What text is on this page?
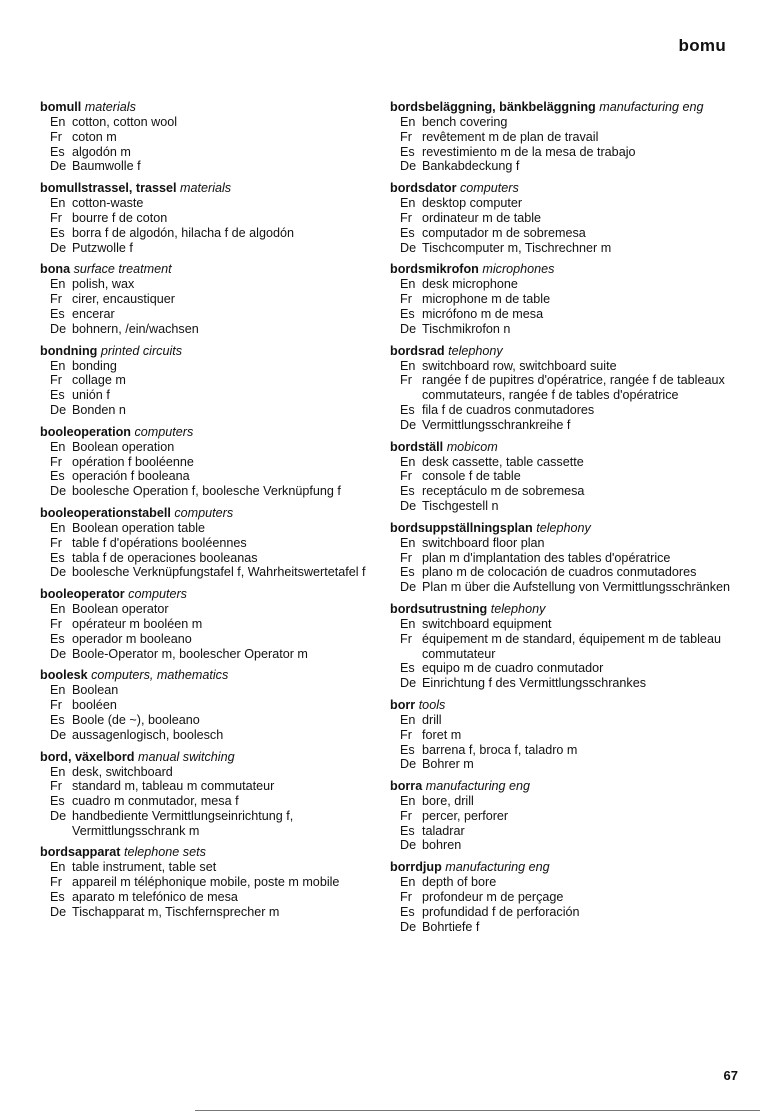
bomu
bomull materials
En cotton, cotton wool
Fr coton m
Es algodón m
De Baumwolle f
bomullstrassel, trassel materials
En cotton-waste
Fr bourre f de coton
Es borra f de algodón, hilacha f de algodón
De Putzwolle f
bona surface treatment
En polish, wax
Fr cirer, encaustiquer
Es encerar
De bohnern, /ein/wachsen
bondning printed circuits
En bonding
Fr collage m
Es unión f
De Bonden n
booleoperation computers
En Boolean operation
Fr opération f booléenne
Es operación f booleana
De boolesche Operation f, boolesche Verknüpfung f
booleoperationstabell computers
En Boolean operation table
Fr table f d'opérations booléennes
Es tabla f de operaciones booleanas
De boolesche Verknüpfungstafel f, Wahrheitswertetafel f
booleoperator computers
En Boolean operator
Fr opérateur m booléen m
Es operador m booleano
De Boole-Operator m, boolescher Operator m
boolesk computers, mathematics
En Boolean
Fr booléen
Es Boole (de ~), booleano
De aussagenlogisch, boolesch
bord, växelbord manual switching
En desk, switchboard
Fr standard m, tableau m commutateur
Es cuadro m conmutador, mesa f
De handbediente Vermittlungseinrichtung f, Vermittlungsschrank m
bordsapparat telephone sets
En table instrument, table set
Fr appareil m téléphonique mobile, poste m mobile
Es aparato m telefónico de mesa
De Tischapparat m, Tischfernsprecher m
bordsbeläggning, bänkbeläggning manufacturing eng
En bench covering
Fr revêtement m de plan de travail
Es revestimiento m de la mesa de trabajo
De Bankabdeckung f
bordsdator computers
En desktop computer
Fr ordinateur m de table
Es computador m de sobremesa
De Tischcomputer m, Tischrechner m
bordsmikrofon microphones
En desk microphone
Fr microphone m de table
Es micrófono m de mesa
De Tischmikrofon n
bordsrad telephony
En switchboard row, switchboard suite
Fr rangée f de pupitres d'opératrice, rangée f de tableaux commutateurs, rangée f de tables d'opératrice
Es fila f de cuadros conmutadores
De Vermittlungsschrankreihe f
bordställ mobicom
En desk cassette, table cassette
Fr console f de table
Es receptáculo m de sobremesa
De Tischgestell n
bordsuppställningsplan telephony
En switchboard floor plan
Fr plan m d'implantation des tables d'opératrice
Es plano m de colocación de cuadros conmutadores
De Plan m über die Aufstellung von Vermittlungsschränken
bordsutrustning telephony
En switchboard equipment
Fr équipement m de standard, équipement m de tableau commutateur
Es equipo m de cuadro conmutador
De Einrichtung f des Vermittlungsschrankes
borr tools
En drill
Fr foret m
Es barrena f, broca f, taladro m
De Bohrer m
borra manufacturing eng
En bore, drill
Fr percer, perforer
Es taladrar
De bohren
borrdjup manufacturing eng
En depth of bore
Fr profondeur m de perçage
Es profundidad f de perforación
De Bohrtiefe f
67
